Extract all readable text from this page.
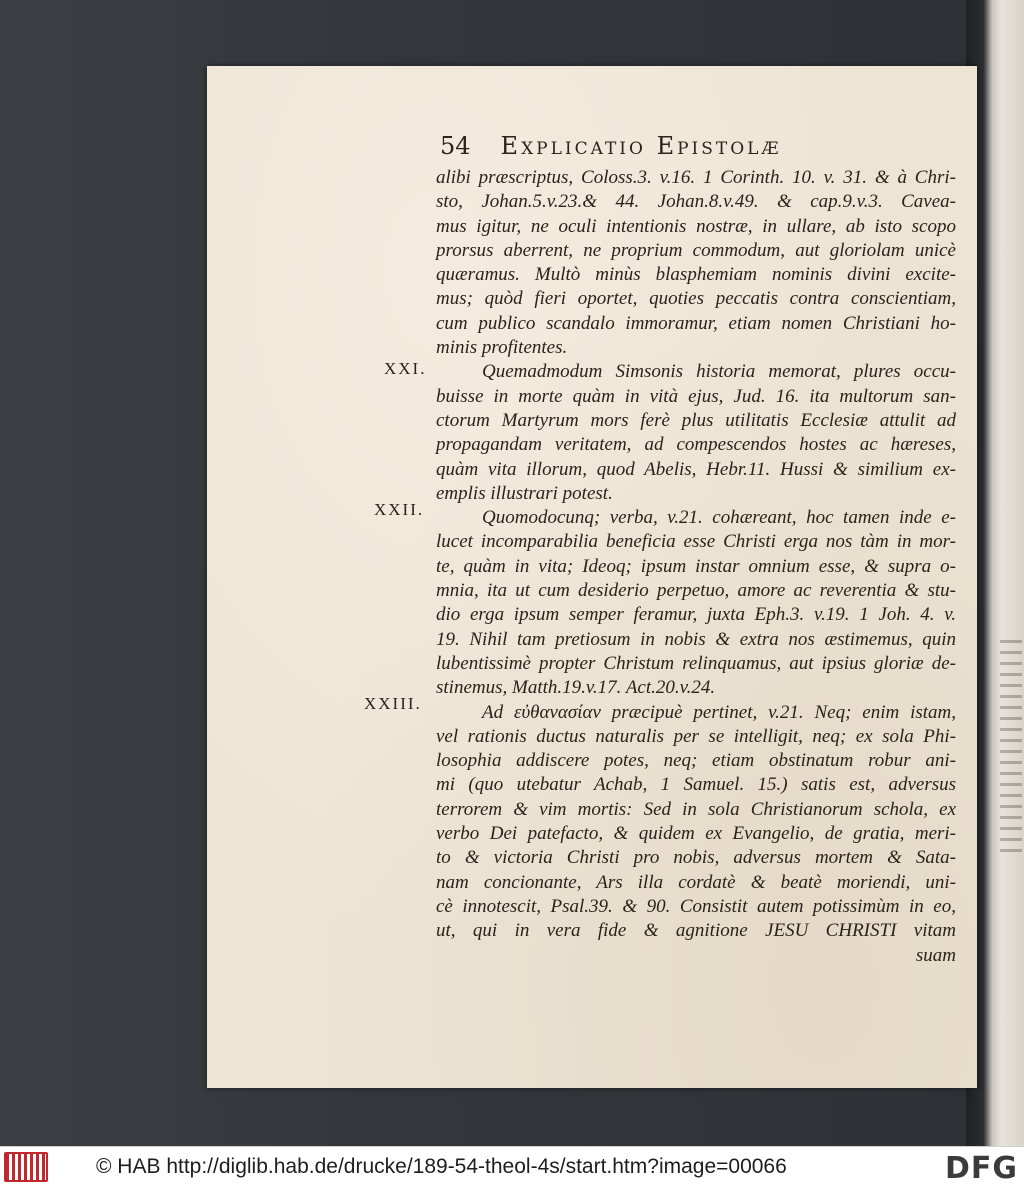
54 Explicatio Epistolæ
XXI.
XXII.
XXIII.
alibi præscriptus, Coloss.3. v.16. 1 Corinth. 10. v. 31. & à Chri-
sto, Johan.5.v.23.& 44. Johan.8.v.49. & cap.9.v.3. Cavea-
mus igitur, ne oculi intentionis nostræ, in ullare, ab isto scopo
prorsus aberrent, ne proprium commodum, aut gloriolam unicè
quæramus. Multò minùs blasphemiam nominis divini excite-
mus; quòd fieri oportet, quoties peccatis contra conscientiam,
cum publico scandalo immoramur, etiam nomen Christiani ho-
minis profitentes.
Quemadmodum Simsonis historia memorat, plures occu-
buisse in morte quàm in vità ejus, Jud. 16. ita multorum san-
ctorum Martyrum mors ferè plus utilitatis Ecclesiæ attulit ad
propagandam veritatem, ad compescendos hostes ac hæreses,
quàm vita illorum, quod Abelis, Hebr.11. Hussi & similium ex-
emplis illustrari potest.
Quomodocunq; verba, v.21. cohæreant, hoc tamen inde e-
lucet incomparabilia beneficia esse Christi erga nos tàm in mor-
te, quàm in vita; Ideoq; ipsum instar omnium esse, & supra o-
mnia, ita ut cum desiderio perpetuo, amore ac reverentia & stu-
dio erga ipsum semper feramur, juxta Eph.3. v.19. 1 Joh. 4. v.
19. Nihil tam pretiosum in nobis & extra nos æstimemus, quin
lubentissimè propter Christum relinquamus, aut ipsius gloriæ de-
stinemus, Matth.19.v.17. Act.20.v.24.
Ad εὐθανασίαν præcipuè pertinet, v.21. Neq; enim istam,
vel rationis ductus naturalis per se intelligit, neq; ex sola Phi-
losophia addiscere potes, neq; etiam obstinatum robur ani-
mi (quo utebatur Achab, 1 Samuel. 15.) satis est, adversus
terrorem & vim mortis: Sed in sola Christianorum schola, ex
verbo Dei patefacto, & quidem ex Evangelio, de gratia, meri-
to & victoria Christi pro nobis, adversus mortem & Sata-
nam concionante, Ars illa cordatè & beatè moriendi, uni-
cè innotescit, Psal.39. & 90. Consistit autem potissimùm in eo,
ut, qui in vera fide & agnitione JESU CHRISTI vitam
suam
© HAB http://diglib.hab.de/drucke/189-54-theol-4s/start.htm?image=00066	DFG
